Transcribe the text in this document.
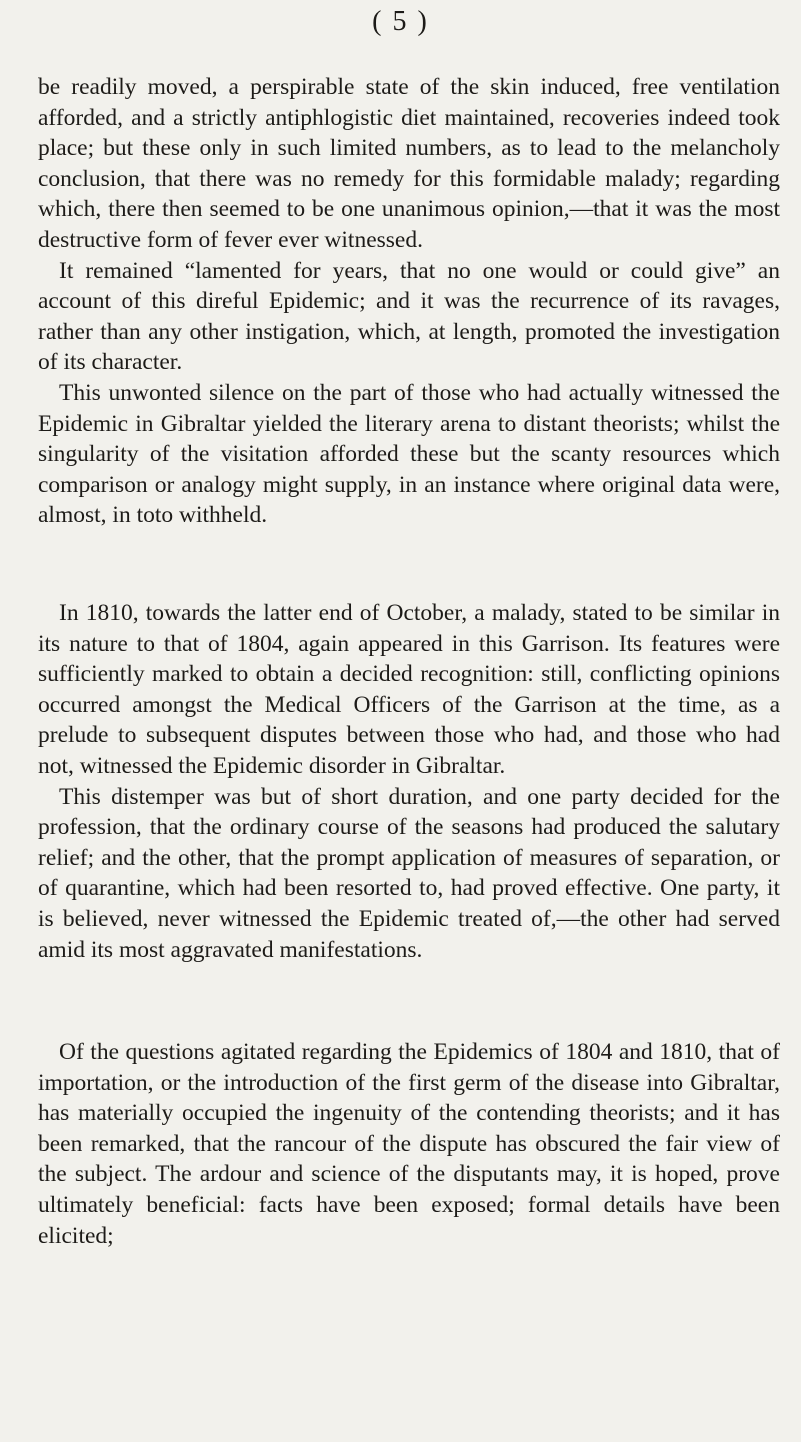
( 5 )

be readily moved, a perspirable state of the skin induced, free ventilation afforded, and a strictly antiphlogistic diet maintained, recoveries indeed took place; but these only in such limited numbers, as to lead to the melancholy conclusion, that there was no remedy for this formidable malady; regarding which, there then seemed to be one unanimous opinion,—that it was the most destructive form of fever ever witnessed.

It remained “lamented for years, that no one would or could give” an account of this direful Epidemic; and it was the recurrence of its ravages, rather than any other instigation, which, at length, promoted the investigation of its character.

This unwonted silence on the part of those who had actually witnessed the Epidemic in Gibraltar yielded the literary arena to distant theorists; whilst the singularity of the visitation afforded these but the scanty resources which comparison or analogy might supply, in an instance where original data were, almost, in toto withheld.

In 1810, towards the latter end of October, a malady, stated to be similar in its nature to that of 1804, again appeared in this Garrison. Its features were sufficiently marked to obtain a decided recognition: still, conflicting opinions occurred amongst the Medical Officers of the Garrison at the time, as a prelude to subsequent disputes between those who had, and those who had not, witnessed the Epidemic disorder in Gibraltar.

This distemper was but of short duration, and one party decided for the profession, that the ordinary course of the seasons had produced the salutary relief; and the other, that the prompt application of measures of separation, or of quarantine, which had been resorted to, had proved effective. One party, it is believed, never witnessed the Epidemic treated of,—the other had served amid its most aggravated manifestations.

Of the questions agitated regarding the Epidemics of 1804 and 1810, that of importation, or the introduction of the first germ of the disease into Gibraltar, has materially occupied the ingenuity of the contending theorists; and it has been remarked, that the rancour of the dispute has obscured the fair view of the subject. The ardour and science of the disputants may, it is hoped, prove ultimately beneficial: facts have been exposed; formal details have been elicited;
